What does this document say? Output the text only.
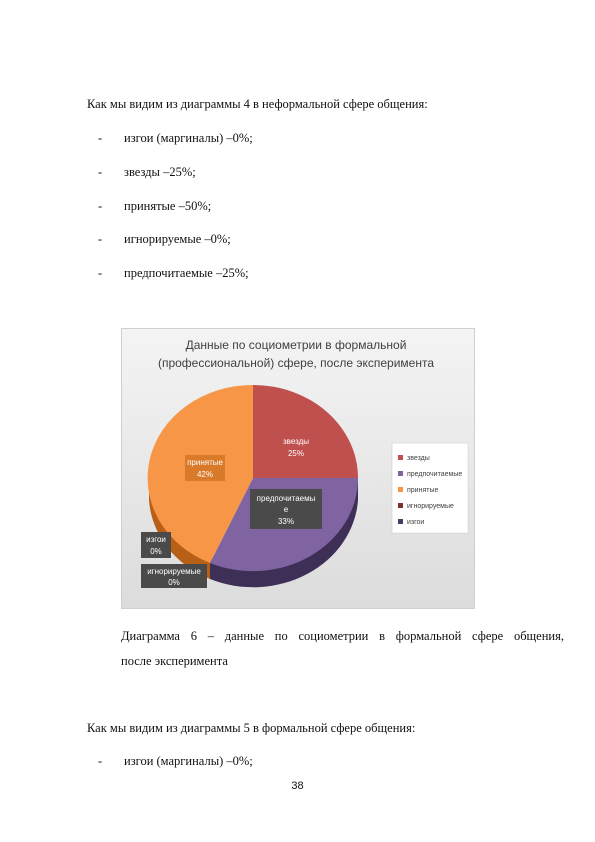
Как мы видим из диаграммы 4 в неформальной сфере общения:
- изгои (маргиналы) –0%;
- звезды –25%;
- принятые –50%;
- игнорируемые –0%;
- предпочитаемые –25%;
Данные по социометрии в формальной
(профессиональной) сфере, после эксперимента
звезды
25%
принятые
42%
предпочитаемы
е
33%
изгои
0%
игнорируемые
0%
звезды
предпочитаемые
принятые
игнорируемые
изгои
Диаграмма 6 – данные по социометрии в формальной сфере общения,
после эксперимента
Как мы видим из диаграммы 5 в формальной сфере общения:
- изгои (маргиналы) –0%;
38
